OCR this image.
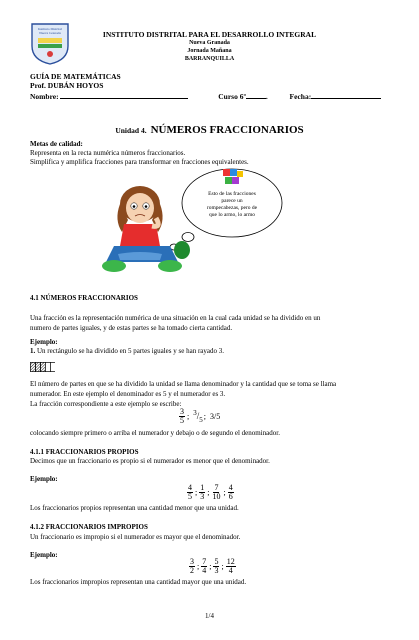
Instituto Distrital Nueva Granada	INSTITUTO DISTRITAL PARA EL DESARROLLO INTEGRAL
Nueva Granada
Jornada Mañana
BARRANQUILLA
GUÍA DE MATEMÁTICAS
Prof. DUBÁN HOYOS
Nombre:	Curso 6º	.	Fecha:
Unidad 4. NÚMEROS FRACCIONARIOS
Metas de calidad:
Representa en la recta numérica números fraccionarios.
Simplifica y amplifica fracciones para transformar en fracciones equivalentes.
Esto de las fracciones
parece un
rompecabezas, pero de
que lo armo, lo armo
4.1 NÚMEROS FRACCIONARIOS
Una fracción es la representación numérica de una situación en la cual cada unidad se ha dividido en un
numero de partes iguales, y de estas partes se ha tomado cierta cantidad.
Ejemplo:
1. Un rectángulo se ha dividido en 5 partes iguales y se han rayado 3.
El número de partes en que se ha dividido la unidad se llama denominador y la cantidad que se toma se llama
numerador. En este ejemplo el denominador es 5 y el numerador es 3.
La fracción correspondiente a este ejemplo se escribe:
$\frac{3}{5}$ ; $^3/_5$ ; 3/5
colocando siempre primero o arriba el numerador y debajo o de segundo el denominador.
4.1.1 FRACCIONARIOS PROPIOS
Decimos que un fraccionario es propio si el numerador es menor que el denominador.
Ejemplo:
$\frac{4}{5}$ ; $\frac{1}{3}$ ; $\frac{7}{10}$ ; $\frac{4}{6}$
Los fraccionarios propios representan una cantidad menor que una unidad.
4.1.2 FRACCIONARIOS IMPROPIOS
Un fraccionario es impropio si el numerador es mayor que el denominador.
Ejemplo:
$\frac{3}{2}$ ; $\frac{7}{4}$ ; $\frac{5}{3}$ ; $\frac{12}{4}$
Los fraccionarios impropios representan una cantidad mayor que una unidad.
1/4
